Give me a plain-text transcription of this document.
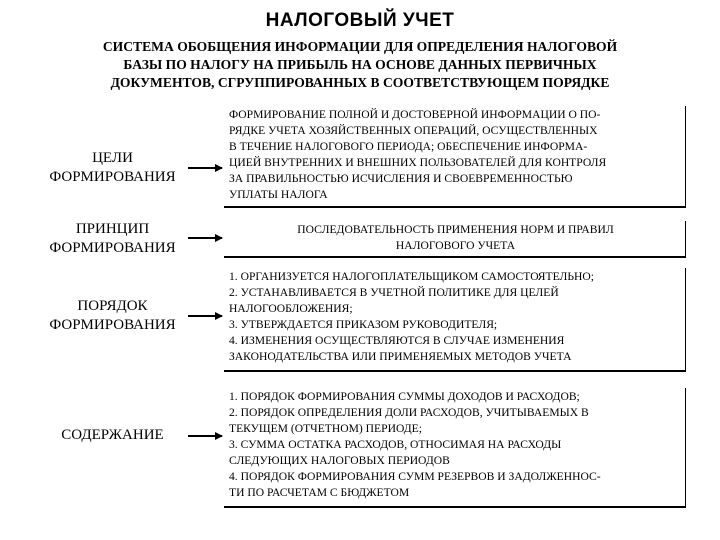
НАЛОГОВЫЙ УЧЕТ
СИСТЕМА ОБОБЩЕНИЯ ИНФОРМАЦИИ ДЛЯ ОПРЕДЕЛЕНИЯ НАЛОГОВОЙ
БАЗЫ ПО НАЛОГУ НА ПРИБЫЛЬ НА ОСНОВЕ ДАННЫХ ПЕРВИЧНЫХ
ДОКУМЕНТОВ, СГРУППИРОВАННЫХ В СООТВЕТСТВУЮЩЕМ ПОРЯДКЕ
ЦЕЛИ
ФОРМИРОВАНИЯ
ФОРМИРОВАНИЕ ПОЛНОЙ И ДОСТОВЕРНОЙ ИНФОРМАЦИИ О ПО-
РЯДКЕ УЧЕТА ХОЗЯЙСТВЕННЫХ ОПЕРАЦИЙ, ОСУЩЕСТВЛЕННЫХ
В ТЕЧЕНИЕ НАЛОГОВОГО ПЕРИОДА; ОБЕСПЕЧЕНИЕ ИНФОРМА-
ЦИЕЙ ВНУТРЕННИХ И ВНЕШНИХ ПОЛЬЗОВАТЕЛЕЙ ДЛЯ КОНТРОЛЯ
ЗА ПРАВИЛЬНОСТЬЮ ИСЧИСЛЕНИЯ И СВОЕВРЕМЕННОСТЬЮ
УПЛАТЫ НАЛОГА
ПРИНЦИП
ФОРМИРОВАНИЯ
ПОСЛЕДОВАТЕЛЬНОСТЬ ПРИМЕНЕНИЯ НОРМ И ПРАВИЛ
НАЛОГОВОГО УЧЕТА
ПОРЯДОК
ФОРМИРОВАНИЯ
1. ОРГАНИЗУЕТСЯ НАЛОГОПЛАТЕЛЬЩИКОМ САМОСТОЯТЕЛЬНО;
2. УСТАНАВЛИВАЕТСЯ В УЧЕТНОЙ ПОЛИТИКЕ ДЛЯ ЦЕЛЕЙ
НАЛОГООБЛОЖЕНИЯ;
3. УТВЕРЖДАЕТСЯ ПРИКАЗОМ РУКОВОДИТЕЛЯ;
4. ИЗМЕНЕНИЯ ОСУЩЕСТВЛЯЮТСЯ В СЛУЧАЕ ИЗМЕНЕНИЯ
ЗАКОНОДАТЕЛЬСТВА ИЛИ ПРИМЕНЯЕМЫХ МЕТОДОВ УЧЕТА
СОДЕРЖАНИЕ
1. ПОРЯДОК ФОРМИРОВАНИЯ СУММЫ ДОХОДОВ И РАСХОДОВ;
2. ПОРЯДОК ОПРЕДЕЛЕНИЯ ДОЛИ РАСХОДОВ, УЧИТЫВАЕМЫХ В
ТЕКУЩЕМ (ОТЧЕТНОМ) ПЕРИОДЕ;
3. СУММА ОСТАТКА РАСХОДОВ, ОТНОСИМАЯ НА РАСХОДЫ
СЛЕДУЮЩИХ НАЛОГОВЫХ ПЕРИОДОВ
4. ПОРЯДОК ФОРМИРОВАНИЯ СУММ РЕЗЕРВОВ И ЗАДОЛЖЕННОС-
ТИ ПО РАСЧЕТАМ С БЮДЖЕТОМ
